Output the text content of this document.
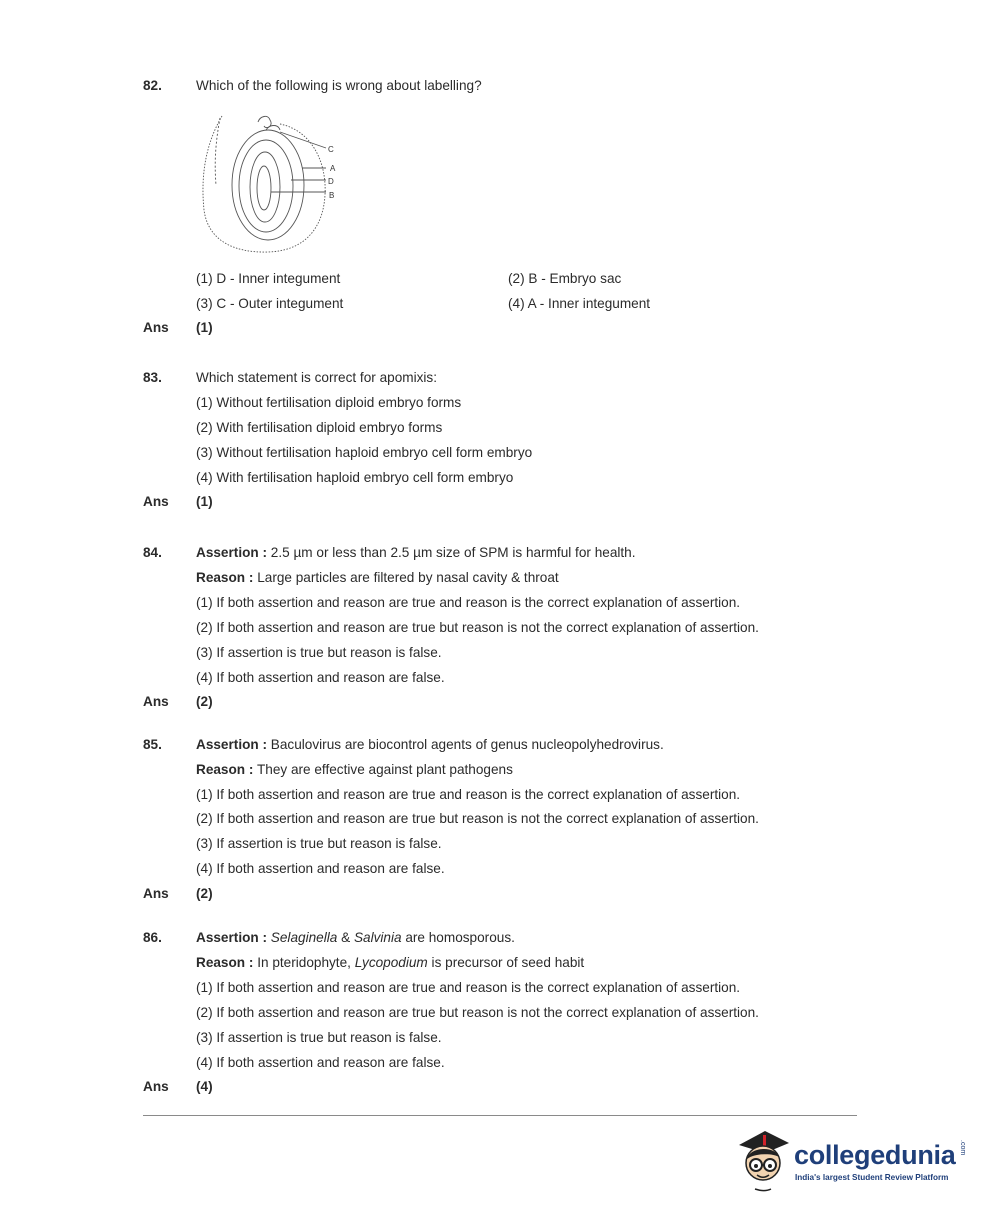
82.	Which of the following is wrong about labelling?
C
A
D
B
(1) D - Inner integument	(2) B - Embryo sac
(3) C - Outer integument	(4) A - Inner integument
Ans (1)
83.	Which statement is correct for apomixis:
(1) Without fertilisation diploid embryo forms
(2) With fertilisation diploid embryo forms
(3) Without fertilisation haploid embryo cell form embryo
(4) With fertilisation haploid embryo cell form embryo
Ans (1)
84.	Assertion : 2.5 µm or less than 2.5 µm size of SPM is harmful for health.
Reason : Large particles are filtered by nasal cavity & throat
(1) If both assertion and reason are true and reason is the correct explanation of assertion.
(2) If both assertion and reason are true but reason is not the correct explanation of assertion.
(3) If assertion is true but reason is false.
(4) If both assertion and reason are false.
Ans (2)
85.	Assertion : Baculovirus are biocontrol agents of genus nucleopolyhedrovirus.
Reason : They are effective against plant pathogens
(1) If both assertion and reason are true and reason is the correct explanation of assertion.
(2) If both assertion and reason are true but reason is not the correct explanation of assertion.
(3) If assertion is true but reason is false.
(4) If both assertion and reason are false.
Ans (2)
86.	Assertion : Selaginella & Salvinia are homosporous.
Reason : In pteridophyte, Lycopodium is precursor of seed habit
(1) If both assertion and reason are true and reason is the correct explanation of assertion.
(2) If both assertion and reason are true but reason is not the correct explanation of assertion.
(3) If assertion is true but reason is false.
(4) If both assertion and reason are false.
Ans (4)
collegedunia .com
India's largest Student Review Platform
